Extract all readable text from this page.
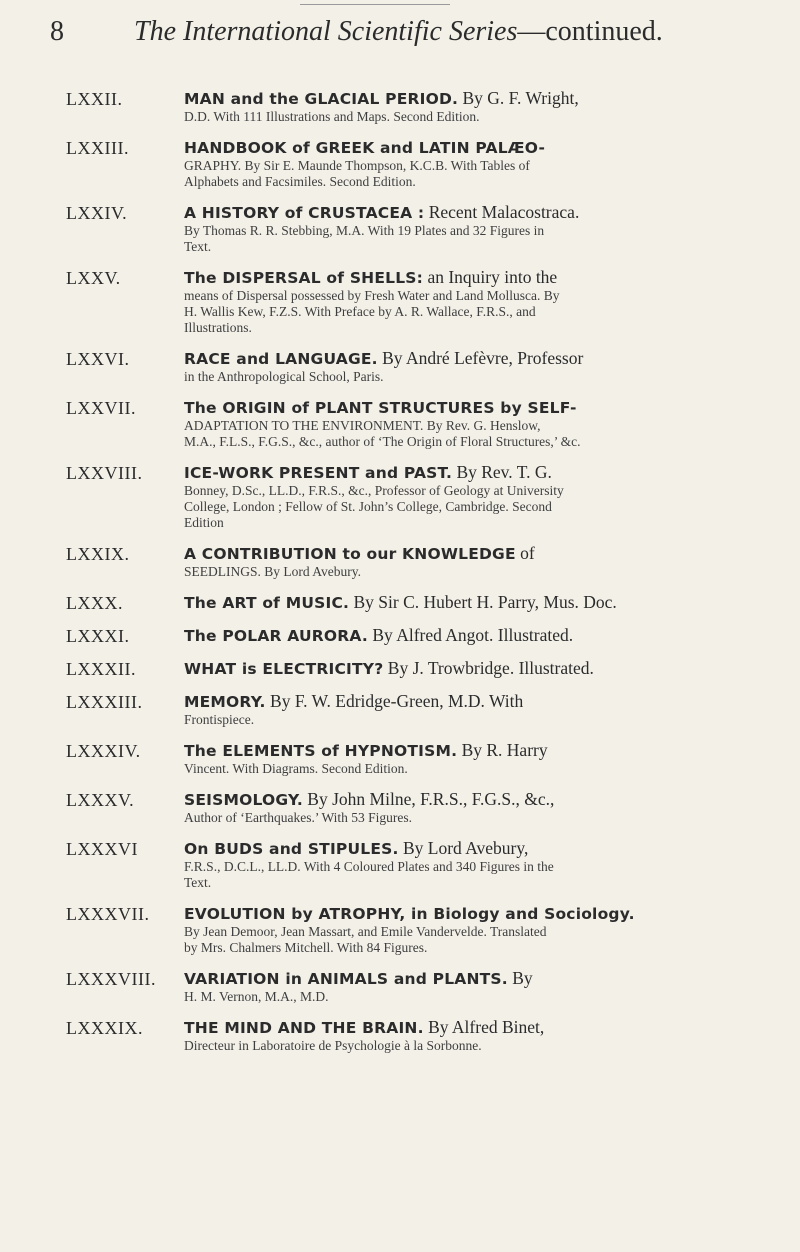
8	The International Scientific Series—continued.
LXXII.	MAN and the GLACIAL PERIOD. By G. F. Wright,
D.D. With 111 Illustrations and Maps. Second Edition.
LXXIII.	HANDBOOK of GREEK and LATIN PALÆO-
GRAPHY. By Sir E. Maunde Thompson, K.C.B. With Tables of
Alphabets and Facsimiles. Second Edition.
LXXIV.	A HISTORY of CRUSTACEA : Recent Malacostraca.
By Thomas R. R. Stebbing, M.A. With 19 Plates and 32 Figures in
Text.
LXXV.	The DISPERSAL of SHELLS: an Inquiry into the
means of Dispersal possessed by Fresh Water and Land Mollusca. By
H. Wallis Kew, F.Z.S. With Preface by A. R. Wallace, F.R.S., and
Illustrations.
LXXVI.	RACE and LANGUAGE. By André Lefèvre, Professor
in the Anthropological School, Paris.
LXXVII.	The ORIGIN of PLANT STRUCTURES by SELF-
ADAPTATION TO THE ENVIRONMENT. By Rev. G. Henslow,
M.A., F.L.S., F.G.S., &c., author of ‘The Origin of Floral Structures,’ &c.
LXXVIII.	ICE-WORK PRESENT and PAST. By Rev. T. G.
Bonney, D.Sc., LL.D., F.R.S., &c., Professor of Geology at University
College, London ; Fellow of St. John’s College, Cambridge. Second
Edition
LXXIX.	A CONTRIBUTION to our KNOWLEDGE of
SEEDLINGS. By Lord Avebury.
LXXX.	The ART of MUSIC. By Sir C. Hubert H. Parry, Mus. Doc.
LXXXI.	The POLAR AURORA. By Alfred Angot. Illustrated.
LXXXII.	WHAT is ELECTRICITY? By J. Trowbridge. Illustrated.
LXXXIII.	MEMORY. By F. W. Edridge-Green, M.D. With
Frontispiece.
LXXXIV.	The ELEMENTS of HYPNOTISM. By R. Harry
Vincent. With Diagrams. Second Edition.
LXXXV.	SEISMOLOGY. By John Milne, F.R.S., F.G.S., &c.,
Author of ‘Earthquakes.’ With 53 Figures.
LXXXVI	On BUDS and STIPULES. By Lord Avebury,
F.R.S., D.C.L., LL.D. With 4 Coloured Plates and 340 Figures in the
Text.
LXXXVII. EVOLUTION by ATROPHY, in Biology and Sociology.
By Jean Demoor, Jean Massart, and Emile Vandervelde. Translated
by Mrs. Chalmers Mitchell. With 84 Figures.
LXXXVIII. VARIATION in ANIMALS and PLANTS. By
H. M. Vernon, M.A., M.D.
LXXXIX.	THE MIND AND THE BRAIN. By Alfred Binet,
Directeur in Laboratoire de Psychologie à la Sorbonne.
